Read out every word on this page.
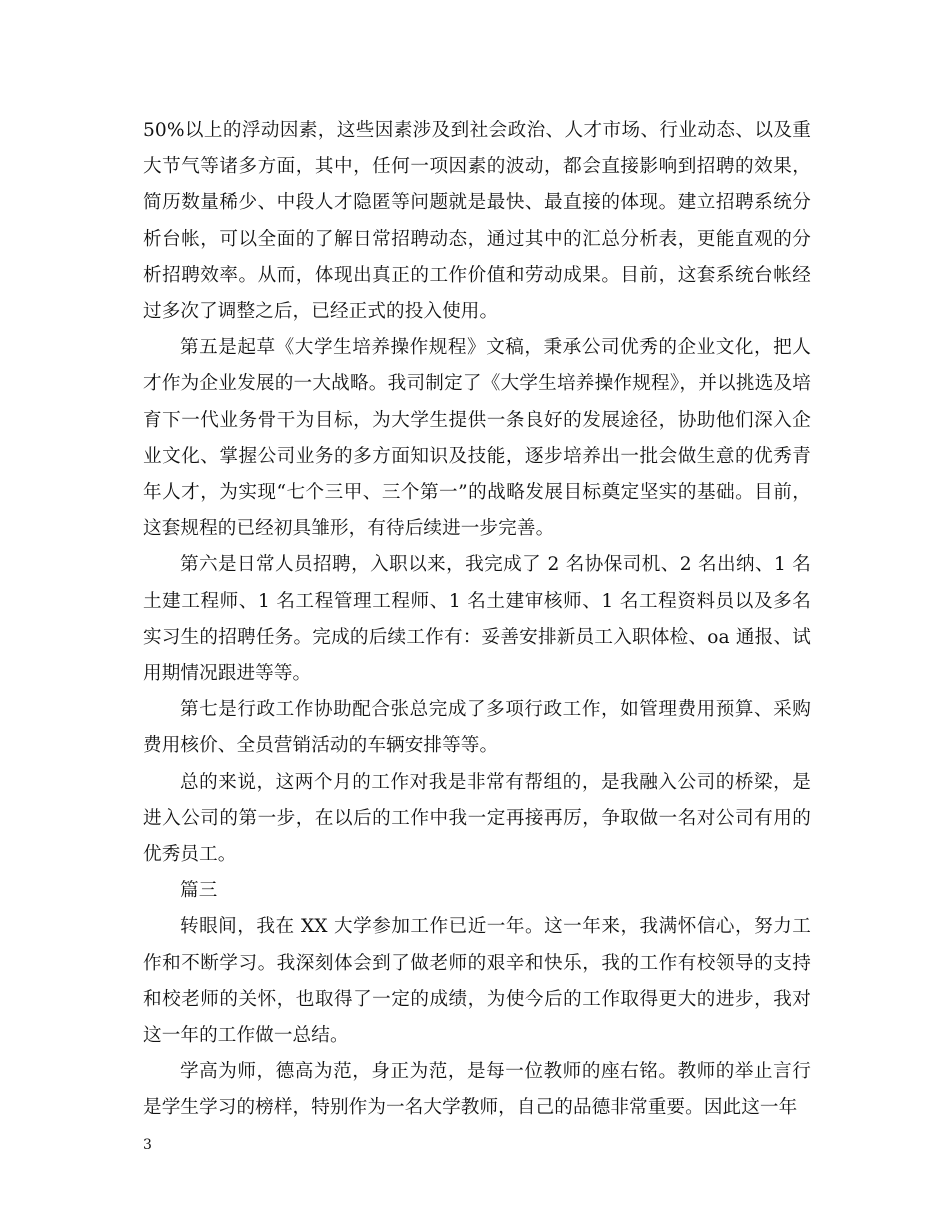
50%以上的浮动因素，这些因素涉及到社会政治、人才市场、行业动态、以及重大节气等诸多方面，其中，任何一项因素的波动，都会直接影响到招聘的效果，简历数量稀少、中段人才隐匿等问题就是最快、最直接的体现。建立招聘系统分析台帐，可以全面的了解日常招聘动态，通过其中的汇总分析表，更能直观的分析招聘效率。从而，体现出真正的工作价值和劳动成果。目前，这套系统台帐经过多次了调整之后，已经正式的投入使用。

第五是起草《大学生培养操作规程》文稿，秉承公司优秀的企业文化，把人才作为企业发展的一大战略。我司制定了《大学生培养操作规程》，并以挑选及培育下一代业务骨干为目标，为大学生提供一条良好的发展途径，协助他们深入企业文化、掌握公司业务的多方面知识及技能，逐步培养出一批会做生意的优秀青年人才，为实现“七个三甲、三个第一”的战略发展目标奠定坚实的基础。目前，这套规程的已经初具雏形，有待后续进一步完善。

第六是日常人员招聘，入职以来，我完成了 2 名协保司机、2 名出纳、1 名土建工程师、1 名工程管理工程师、1 名土建审核师、1 名工程资料员以及多名实习生的招聘任务。完成的后续工作有：妥善安排新员工入职体检、oa 通报、试用期情况跟进等等。

第七是行政工作协助配合张总完成了多项行政工作，如管理费用预算、采购费用核价、全员营销活动的车辆安排等等。

总的来说，这两个月的工作对我是非常有帮组的，是我融入公司的桥梁，是进入公司的第一步，在以后的工作中我一定再接再厉，争取做一名对公司有用的优秀员工。

篇三

转眼间，我在 XX 大学参加工作已近一年。这一年来，我满怀信心，努力工作和不断学习。我深刻体会到了做老师的艰辛和快乐，我的工作有校领导的支持和校老师的关怀，也取得了一定的成绩，为使今后的工作取得更大的进步，我对这一年的工作做一总结。

学高为师，德高为范，身正为范，是每一位教师的座右铭。教师的举止言行是学生学习的榜样，特别作为一名大学教师，自己的品德非常重要。因此这一年

3
